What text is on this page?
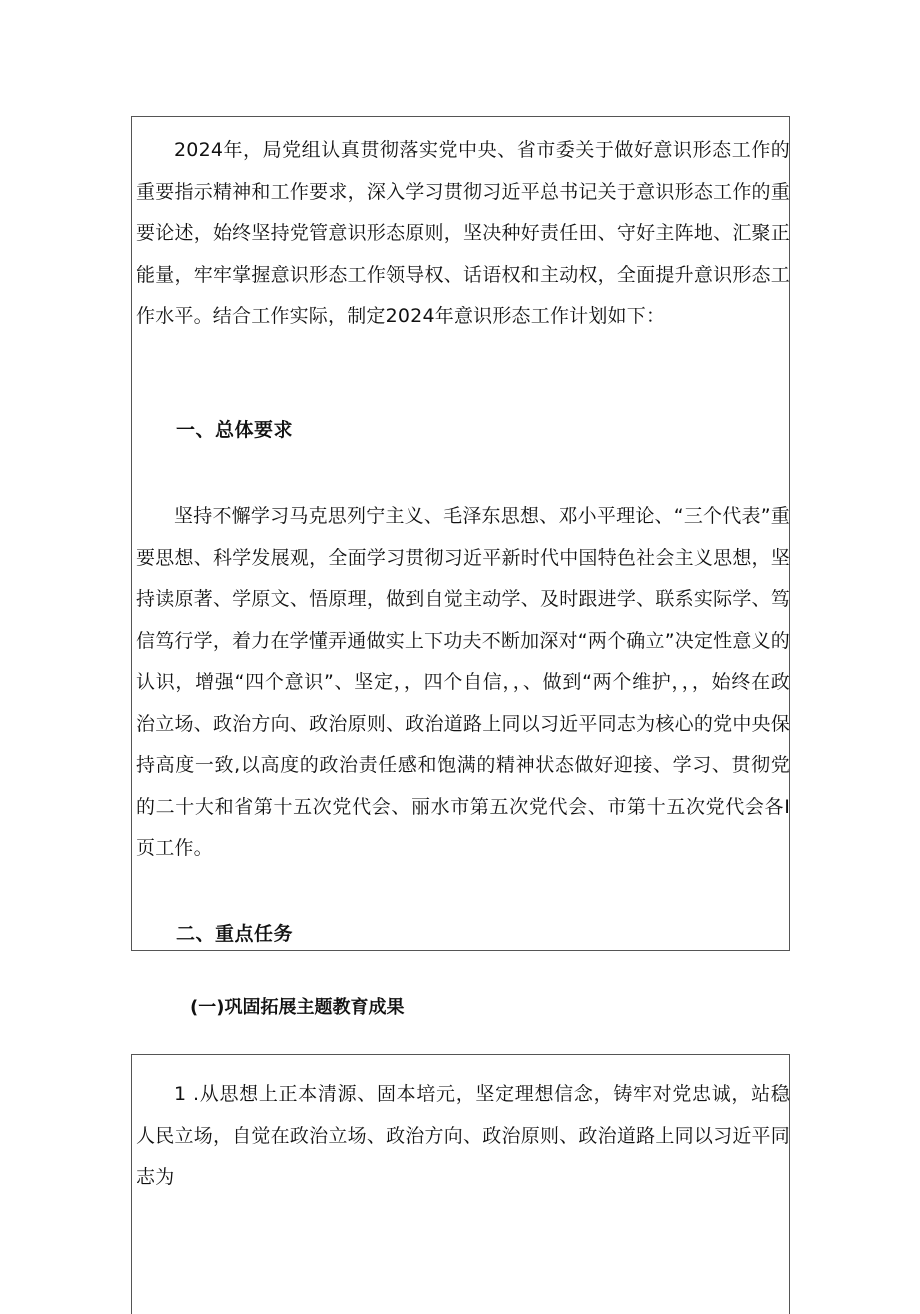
2024年，局党组认真贯彻落实党中央、省市委关于做好意识形态工作的重要指示精神和工作要求，深入学习贯彻习近平总书记关于意识形态工作的重要论述，始终坚持党管意识形态原则，坚决种好责任田、守好主阵地、汇聚正能量，牢牢掌握意识形态工作领导权、话语权和主动权，全面提升意识形态工作水平。结合工作实际，制定2024年意识形态工作计划如下：

一、总体要求

坚持不懈学习马克思列宁主义、毛泽东思想、邓小平理论、“三个代表”重要思想、科学发展观，全面学习贯彻习近平新时代中国特色社会主义思想，坚持读原著、学原文、悟原理，做到自觉主动学、及时跟进学、联系实际学、笃信笃行学，着力在学懂弄通做实上下功夫不断加深对“两个确立”决定性意义的认识，增强“四个意识”、坚定，，四个自信，，、做到“两个维护，，，始终在政治立场、政治方向、政治原则、政治道路上同以习近平同志为核心的党中央保持高度一致,以高度的政治责任感和饱满的精神状态做好迎接、学习、贯彻党的二十大和省第十五次党代会、丽水市第五次党代会、市第十五次党代会各I页工作。

二、重点任务
(一)巩固拓展主题教育成果

1 .从思想上正本清源、固本培元，坚定理想信念，铸牢对党忠诚，站稳人民立场，自觉在政治立场、政治方向、政治原则、政治道路上同以习近平同志为
